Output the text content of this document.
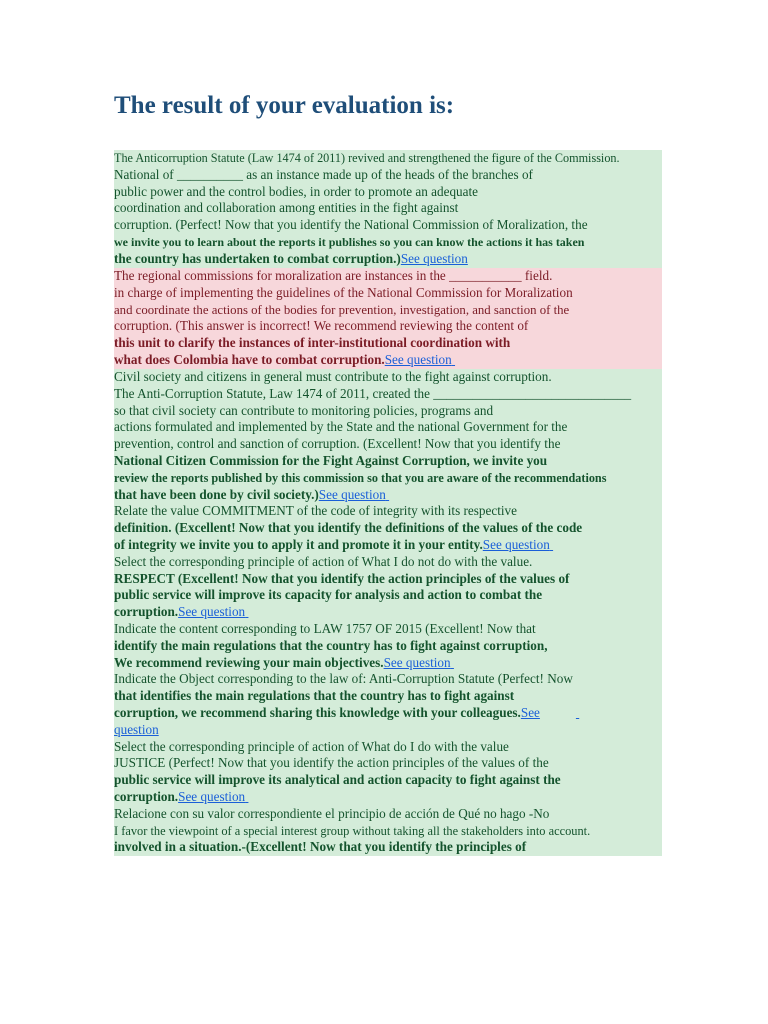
The result of your evaluation is:
The Anticorruption Statute (Law 1474 of 2011) revived and strengthened the figure of the Commission.
National of __________ as an instance made up of the heads of the branches of
public power and the control bodies, in order to promote an adequate
coordination and collaboration among entities in the fight against
corruption. (Perfect! Now that you identify the National Commission of Moralization, the
we invite you to learn about the reports it publishes so you can know the actions it has taken
the country has undertaken to combat corruption.)See question
The regional commissions for moralization are instances in the ___________ field.
in charge of implementing the guidelines of the National Commission for Moralization
and coordinate the actions of the bodies for prevention, investigation, and sanction of the
corruption. (This answer is incorrect! We recommend reviewing the content of
this unit to clarify the instances of inter-institutional coordination with
what does Colombia have to combat corruption.See question
Civil society and citizens in general must contribute to the fight against corruption.
The Anti-Corruption Statute, Law 1474 of 2011, created the ______________________________
so that civil society can contribute to monitoring policies, programs and
actions formulated and implemented by the State and the national Government for the
prevention, control and sanction of corruption. (Excellent! Now that you identify the
National Citizen Commission for the Fight Against Corruption, we invite you
review the reports published by this commission so that you are aware of the recommendations
that have been done by civil society.)See question
Relate the value COMMITMENT of the code of integrity with its respective
definition. (Excellent! Now that you identify the definitions of the values of the code
of integrity we invite you to apply it and promote it in your entity.See question
Select the corresponding principle of action of What I do not do with the value.
RESPECT (Excellent! Now that you identify the action principles of the values of
public service will improve its capacity for analysis and action to combat the
corruption.See question
Indicate the content corresponding to LAW 1757 OF 2015 (Excellent! Now that
identify the main regulations that the country has to fight against corruption,
We recommend reviewing your main objectives.See question
Indicate the Object corresponding to the law of: Anti-Corruption Statute (Perfect! Now
that identifies the main regulations that the country has to fight against
corruption, we recommend sharing this knowledge with your colleagues.See
question
Select the corresponding principle of action of What do I do with the value
JUSTICE (Perfect! Now that you identify the action principles of the values of the
public service will improve its analytical and action capacity to fight against the
corruption.See question
Relacione con su valor correspondiente el principio de acción de Qué no hago -No
I favor the viewpoint of a special interest group without taking all the stakeholders into account.
involved in a situation.-(Excellent! Now that you identify the principles of
